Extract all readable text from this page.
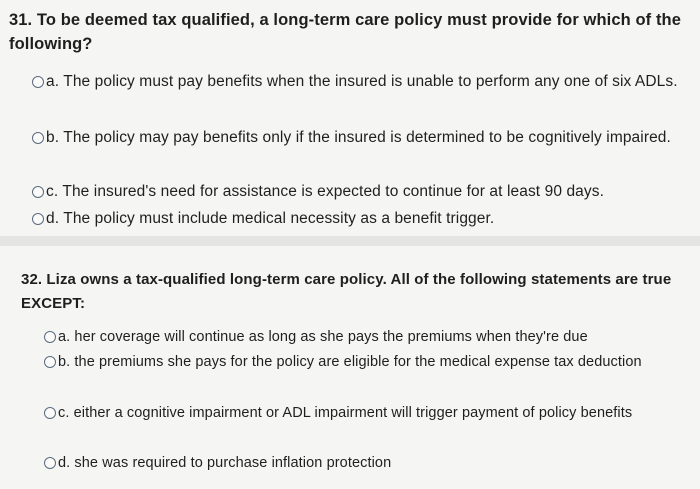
31. To be deemed tax qualified, a long-term care policy must provide for which of the following?
a. The policy must pay benefits when the insured is unable to perform any one of six ADLs.
b. The policy may pay benefits only if the insured is determined to be cognitively impaired.
c. The insured's need for assistance is expected to continue for at least 90 days.
d. The policy must include medical necessity as a benefit trigger.
32. Liza owns a tax-qualified long-term care policy. All of the following statements are true EXCEPT:
a. her coverage will continue as long as she pays the premiums when they're due
b. the premiums she pays for the policy are eligible for the medical expense tax deduction
c. either a cognitive impairment or ADL impairment will trigger payment of policy benefits
d. she was required to purchase inflation protection
